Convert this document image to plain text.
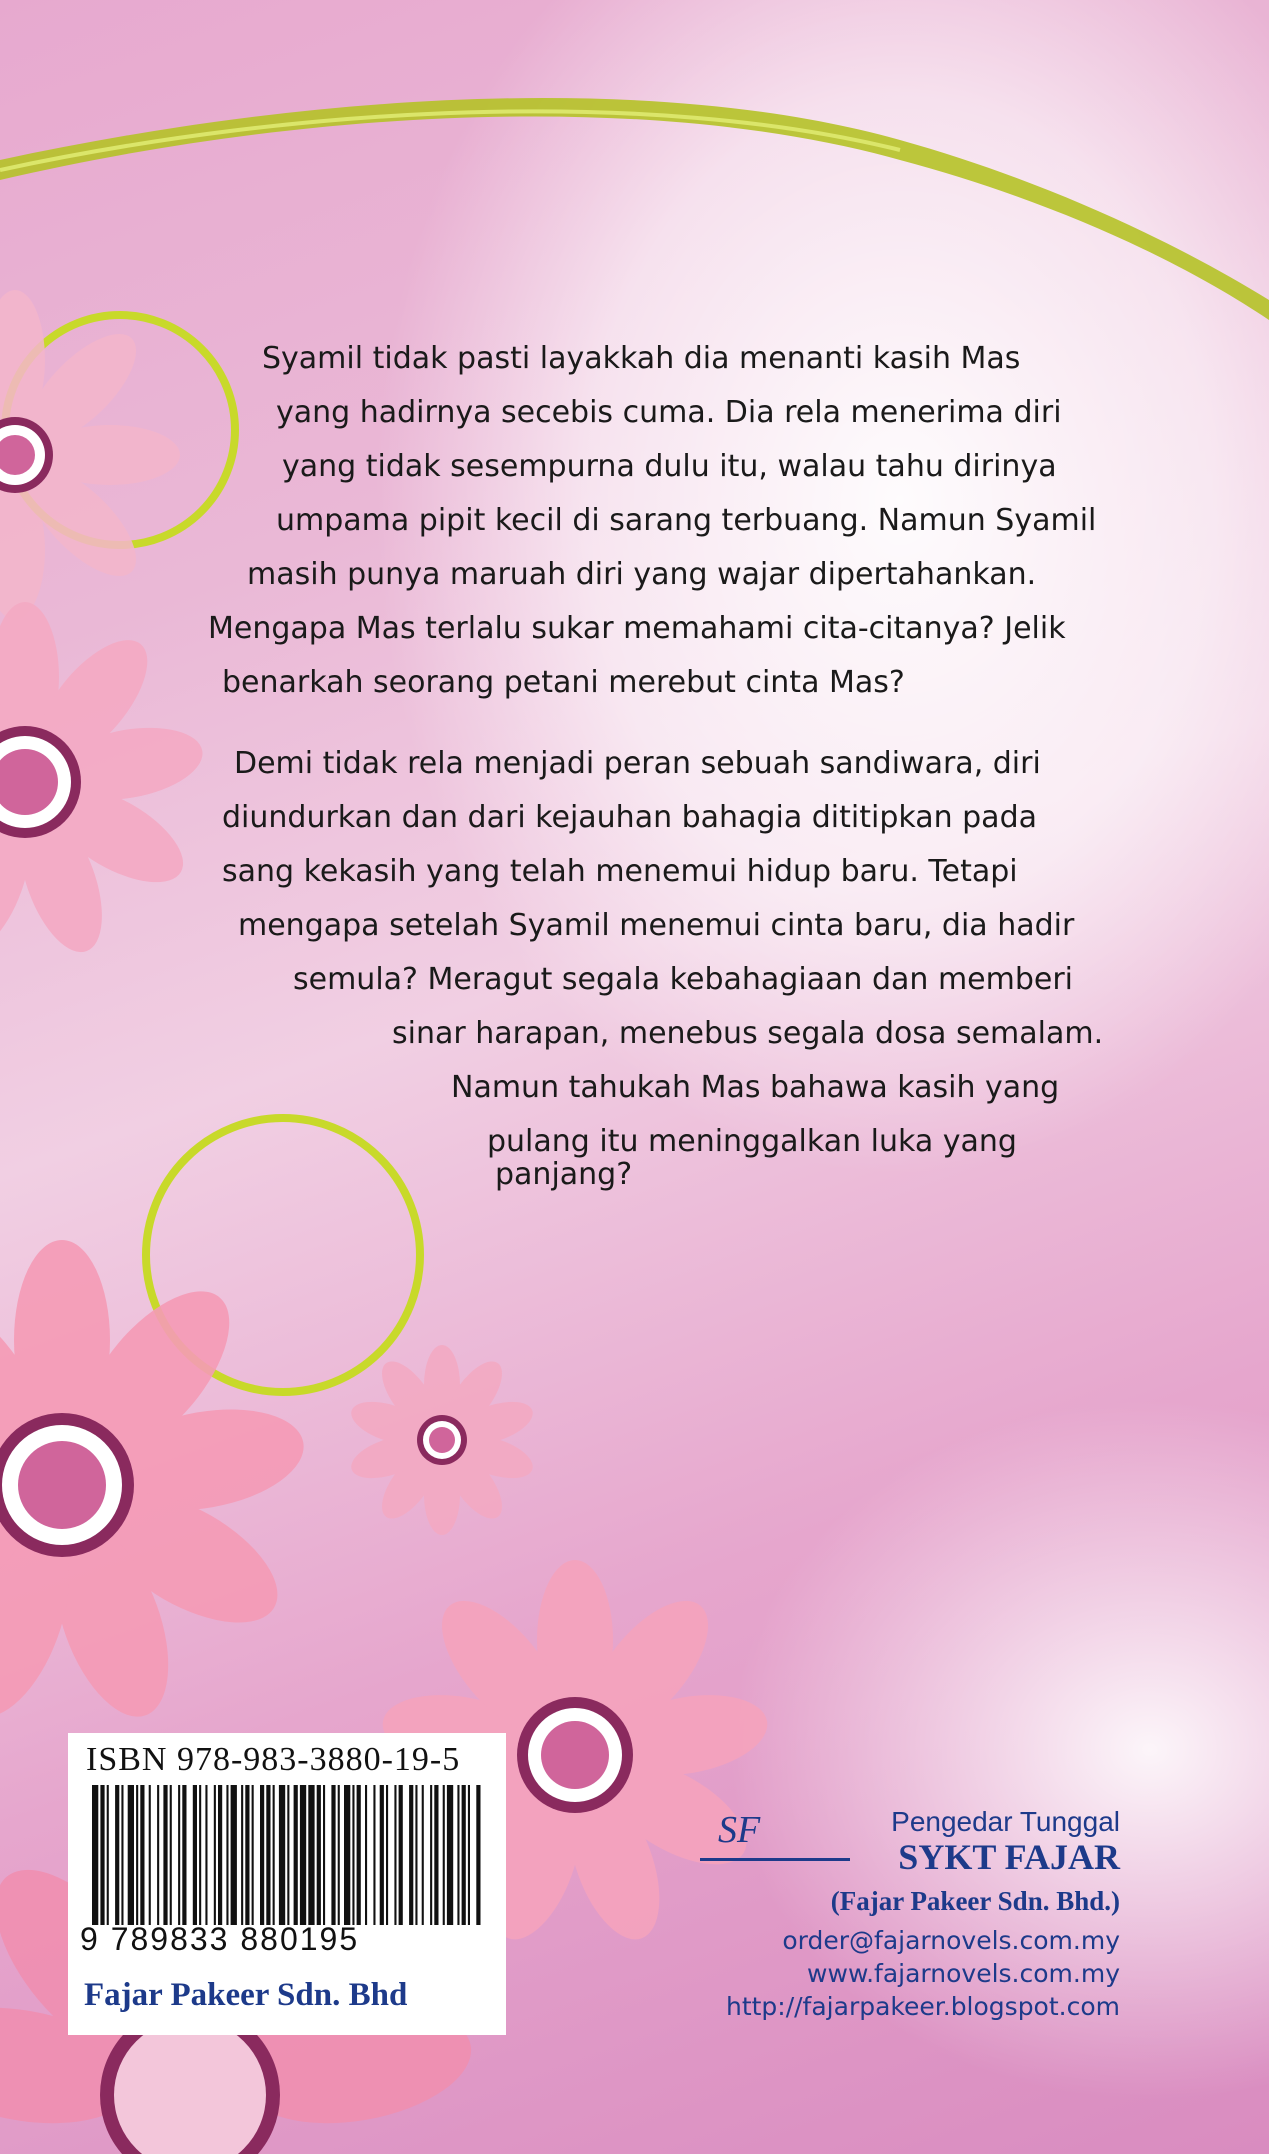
Syamil tidak pasti layakkah dia menanti kasih Mas
yang hadirnya secebis cuma. Dia rela menerima diri
yang tidak sesempurna dulu itu, walau tahu dirinya
umpama pipit kecil di sarang terbuang. Namun Syamil
masih punya maruah diri yang wajar dipertahankan.
Mengapa Mas terlalu sukar memahami cita-citanya? Jelik
benarkah seorang petani merebut cinta Mas?
Demi tidak rela menjadi peran sebuah sandiwara, diri
diundurkan dan dari kejauhan bahagia dititipkan pada
sang kekasih yang telah menemui hidup baru. Tetapi
mengapa setelah Syamil menemui cinta baru, dia hadir
semula? Meragut segala kebahagiaan dan memberi
sinar harapan, menebus segala dosa semalam.
Namun tahukah Mas bahawa kasih yang
pulang itu meninggalkan luka yang
panjang?
ISBN 978-983-3880-19-5
9 789833 880195
Fajar Pakeer Sdn. Bhd
SF	Pengedar Tunggal
SYKT FAJAR
(Fajar Pakeer Sdn. Bhd.)
order@fajarnovels.com.my
www.fajarnovels.com.my
http://fajarpakeer.blogspot.com
